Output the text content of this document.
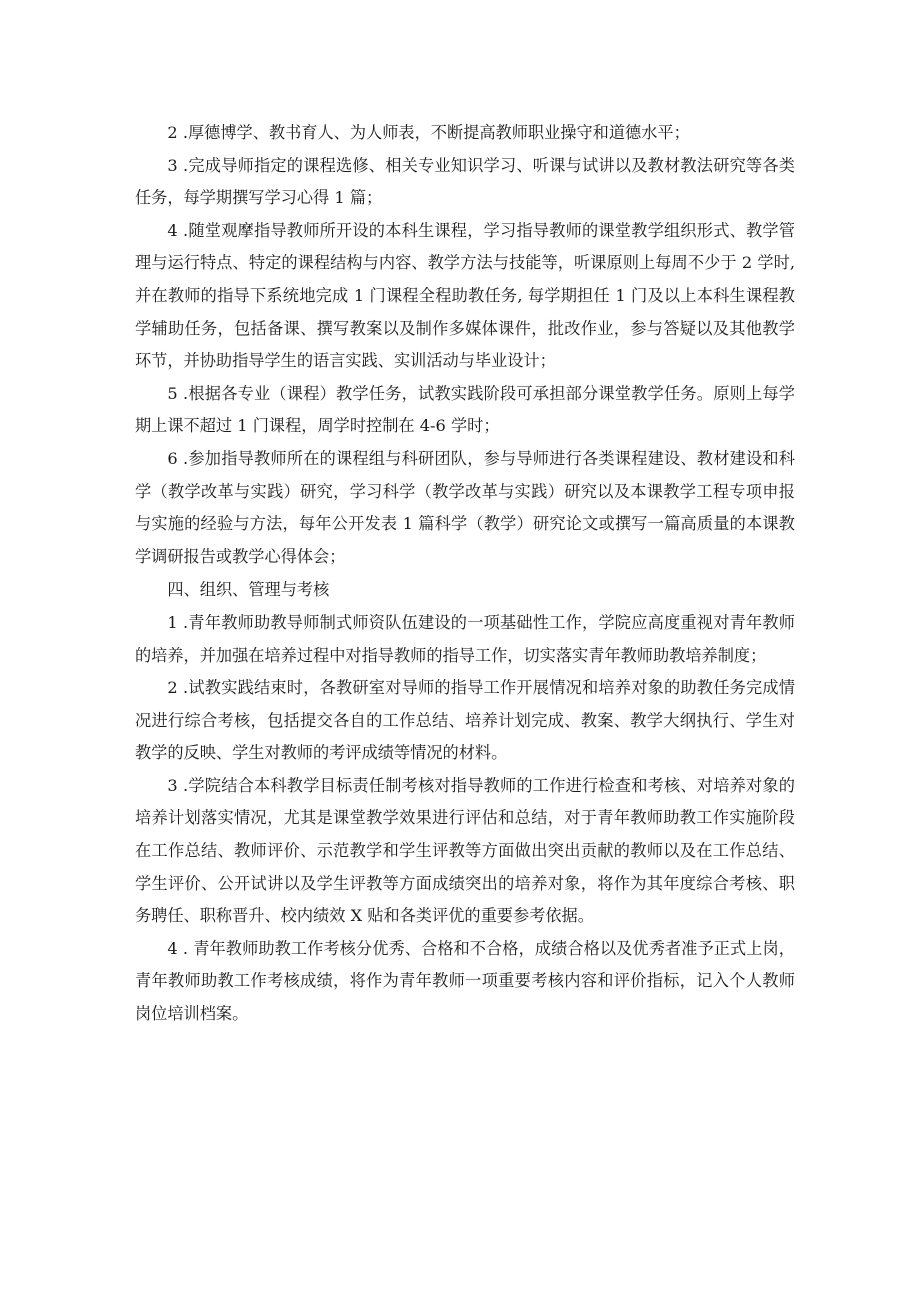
2 .厚德博学、教书育人、为人师表，不断提高教师职业操守和道德水平；

3 .完成导师指定的课程选修、相关专业知识学习、听课与试讲以及教材教法研究等各类任务，每学期撰写学习心得 1 篇；

4 .随堂观摩指导教师所开设的本科生课程，学习指导教师的课堂教学组织形式、教学管理与运行特点、特定的课程结构与内容、教学方法与技能等，听课原则上每周不少于 2 学时, 并在教师的指导下系统地完成 1 门课程全程助教任务, 每学期担任 1 门及以上本科生课程教学辅助任务，包括备课、撰写教案以及制作多媒体课件，批改作业，参与答疑以及其他教学环节，并协助指导学生的语言实践、实训活动与毕业设计；

5 .根据各专业（课程）教学任务，试教实践阶段可承担部分课堂教学任务。原则上每学期上课不超过 1 门课程，周学时控制在 4-6 学时；

6 .参加指导教师所在的课程组与科研团队，参与导师进行各类课程建设、教材建设和科学（教学改革与实践）研究，学习科学（教学改革与实践）研究以及本课教学工程专项申报与实施的经验与方法，每年公开发表 1 篇科学（教学）研究论文或撰写一篇高质量的本课教学调研报告或教学心得体会；

四、组织、管理与考核

1 .青年教师助教导师制式师资队伍建设的一项基础性工作，学院应高度重视对青年教师的培养，并加强在培养过程中对指导教师的指导工作，切实落实青年教师助教培养制度；

2 .试教实践结束时，各教研室对导师的指导工作开展情况和培养对象的助教任务完成情况进行综合考核，包括提交各自的工作总结、培养计划完成、教案、教学大纲执行、学生对教学的反映、学生对教师的考评成绩等情况的材料。

3 .学院结合本科教学目标责任制考核对指导教师的工作进行检查和考核、对培养对象的培养计划落实情况，尤其是课堂教学效果进行评估和总结，对于青年教师助教工作实施阶段在工作总结、教师评价、示范教学和学生评教等方面做出突出贡献的教师以及在工作总结、学生评价、公开试讲以及学生评教等方面成绩突出的培养对象，将作为其年度综合考核、职务聘任、职称晋升、校内绩效 X 贴和各类评优的重要参考依据。

4 . 青年教师助教工作考核分优秀、合格和不合格，成绩合格以及优秀者准予正式上岗，青年教师助教工作考核成绩，将作为青年教师一项重要考核内容和评价指标，记入个人教师岗位培训档案。
